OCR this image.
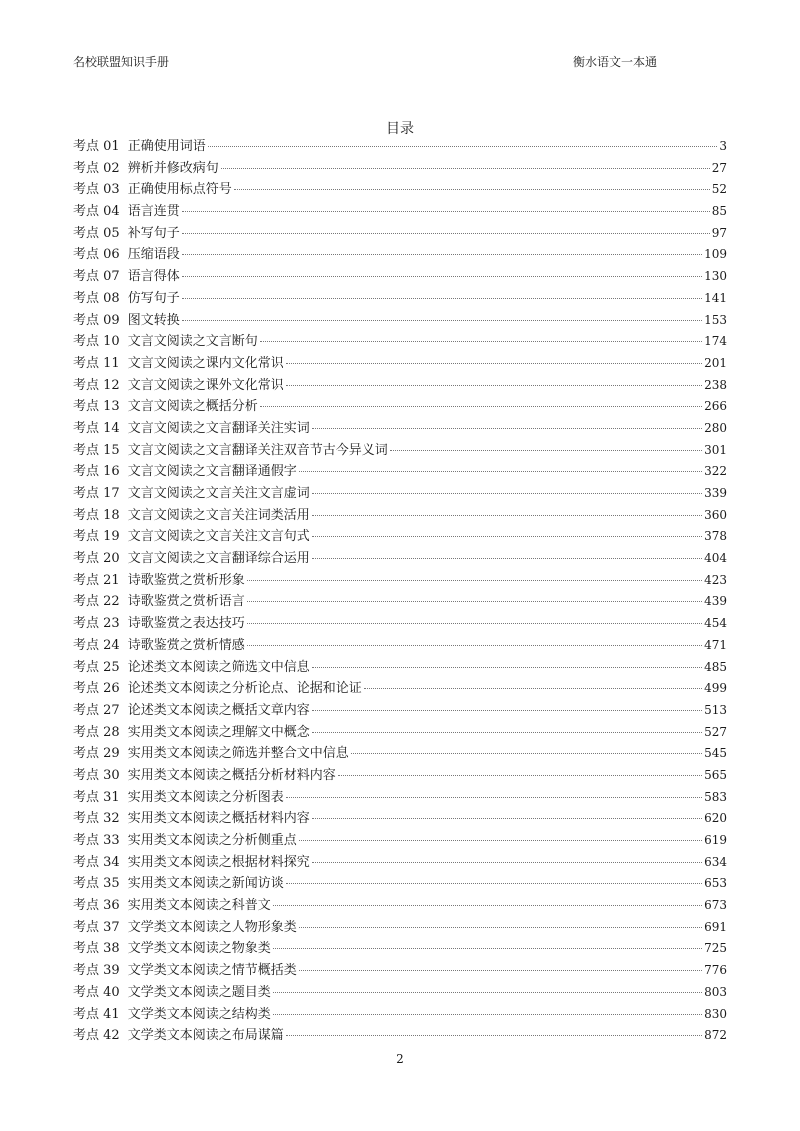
名校联盟知识手册	衡水语文一本通
目录
考点 01 正确使用词语	3
考点 02 辨析并修改病句	27
考点 03 正确使用标点符号	52
考点 04 语言连贯	85
考点 05 补写句子	97
考点 06 压缩语段	109
考点 07 语言得体	130
考点 08 仿写句子	141
考点 09 图文转换	153
考点 10 文言文阅读之文言断句	174
考点 11 文言文阅读之课内文化常识	201
考点 12 文言文阅读之课外文化常识	238
考点 13 文言文阅读之概括分析	266
考点 14 文言文阅读之文言翻译关注实词	280
考点 15 文言文阅读之文言翻译关注双音节古今异义词	301
考点 16 文言文阅读之文言翻译通假字	322
考点 17 文言文阅读之文言关注文言虚词	339
考点 18 文言文阅读之文言关注词类活用	360
考点 19 文言文阅读之文言关注文言句式	378
考点 20 文言文阅读之文言翻译综合运用	404
考点 21 诗歌鉴赏之赏析形象	423
考点 22 诗歌鉴赏之赏析语言	439
考点 23 诗歌鉴赏之表达技巧	454
考点 24 诗歌鉴赏之赏析情感	471
考点 25 论述类文本阅读之筛选文中信息	485
考点 26 论述类文本阅读之分析论点、论据和论证	499
考点 27 论述类文本阅读之概括文章内容	513
考点 28 实用类文本阅读之理解文中概念	527
考点 29 实用类文本阅读之筛选并整合文中信息	545
考点 30 实用类文本阅读之概括分析材料内容	565
考点 31 实用类文本阅读之分析图表	583
考点 32 实用类文本阅读之概括材料内容	620
考点 33 实用类文本阅读之分析侧重点	619
考点 34 实用类文本阅读之根据材料探究	634
考点 35 实用类文本阅读之新闻访谈	653
考点 36 实用类文本阅读之科普文	673
考点 37 文学类文本阅读之人物形象类	691
考点 38 文学类文本阅读之物象类	725
考点 39 文学类文本阅读之情节概括类	776
考点 40 文学类文本阅读之题目类	803
考点 41 文学类文本阅读之结构类	830
考点 42 文学类文本阅读之布局谋篇	872
2
